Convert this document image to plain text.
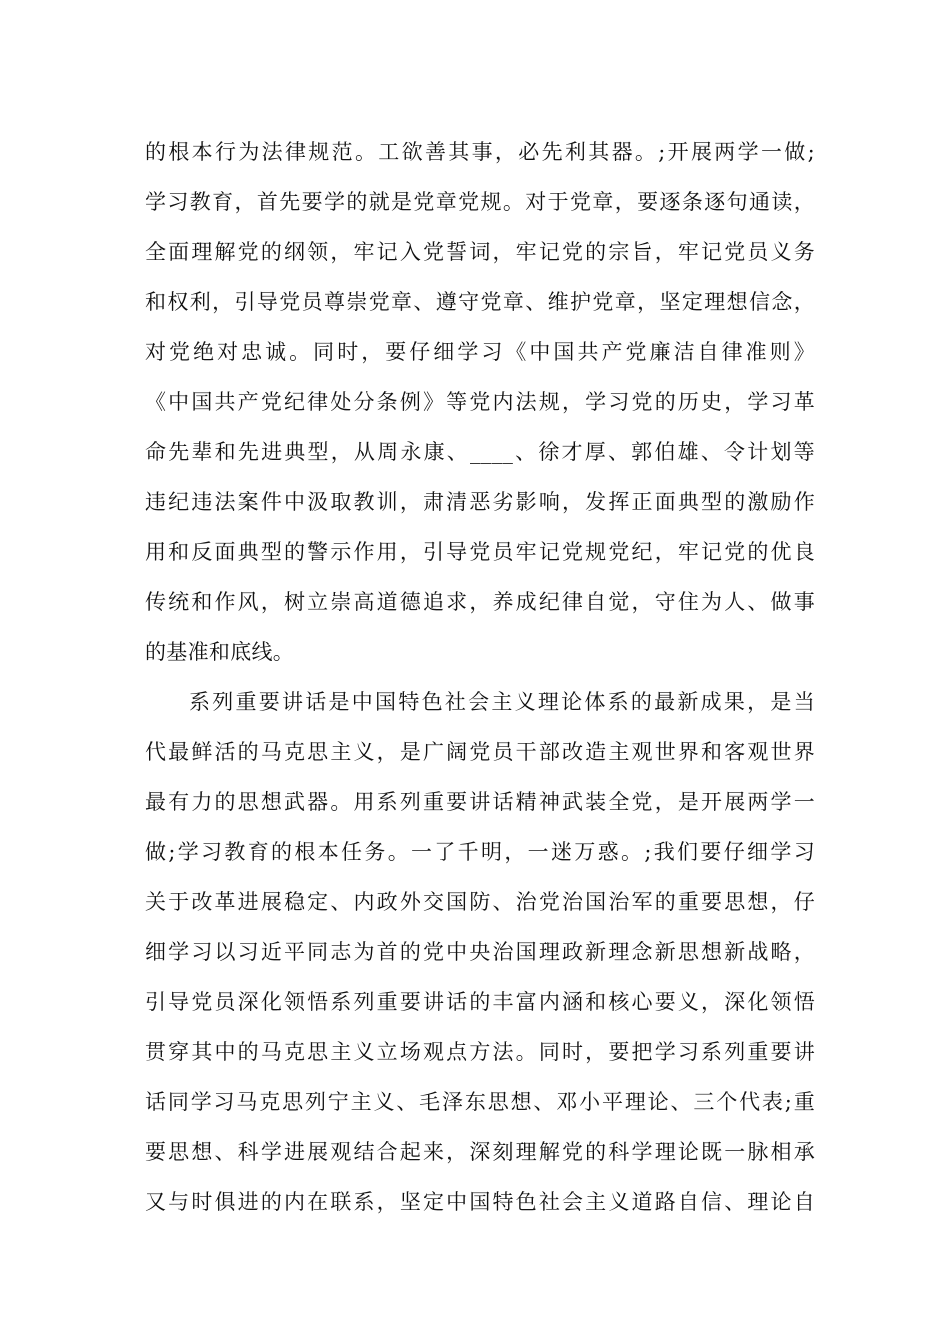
的根本行为法律规范。工欲善其事，必先利其器。;开展两学一做;
学习教育，首先要学的就是党章党规。对于党章，要逐条逐句通读，
全面理解党的纲领，牢记入党誓词，牢记党的宗旨，牢记党员义务
和权利，引导党员尊崇党章、遵守党章、维护党章，坚定理想信念，
对党绝对忠诚。同时，要仔细学习《中国共产党廉洁自律准则》
《中国共产党纪律处分条例》等党内法规，学习党的历史，学习革
命先辈和先进典型，从周永康、____、徐才厚、郭伯雄、令计划等
违纪违法案件中汲取教训，肃清恶劣影响，发挥正面典型的激励作
用和反面典型的警示作用，引导党员牢记党规党纪，牢记党的优良
传统和作风，树立崇高道德追求，养成纪律自觉，守住为人、做事
的基准和底线。
系列重要讲话是中国特色社会主义理论体系的最新成果，是当
代最鲜活的马克思主义，是广阔党员干部改造主观世界和客观世界
最有力的思想武器。用系列重要讲话精神武装全党，是开展两学一
做;学习教育的根本任务。一了千明，一迷万惑。;我们要仔细学习
关于改革进展稳定、内政外交国防、治党治国治军的重要思想，仔
细学习以习近平同志为首的党中央治国理政新理念新思想新战略，
引导党员深化领悟系列重要讲话的丰富内涵和核心要义，深化领悟
贯穿其中的马克思主义立场观点方法。同时，要把学习系列重要讲
话同学习马克思列宁主义、毛泽东思想、邓小平理论、三个代表;重
要思想、科学进展观结合起来，深刻理解党的科学理论既一脉相承
又与时俱进的内在联系，坚定中国特色社会主义道路自信、理论自
